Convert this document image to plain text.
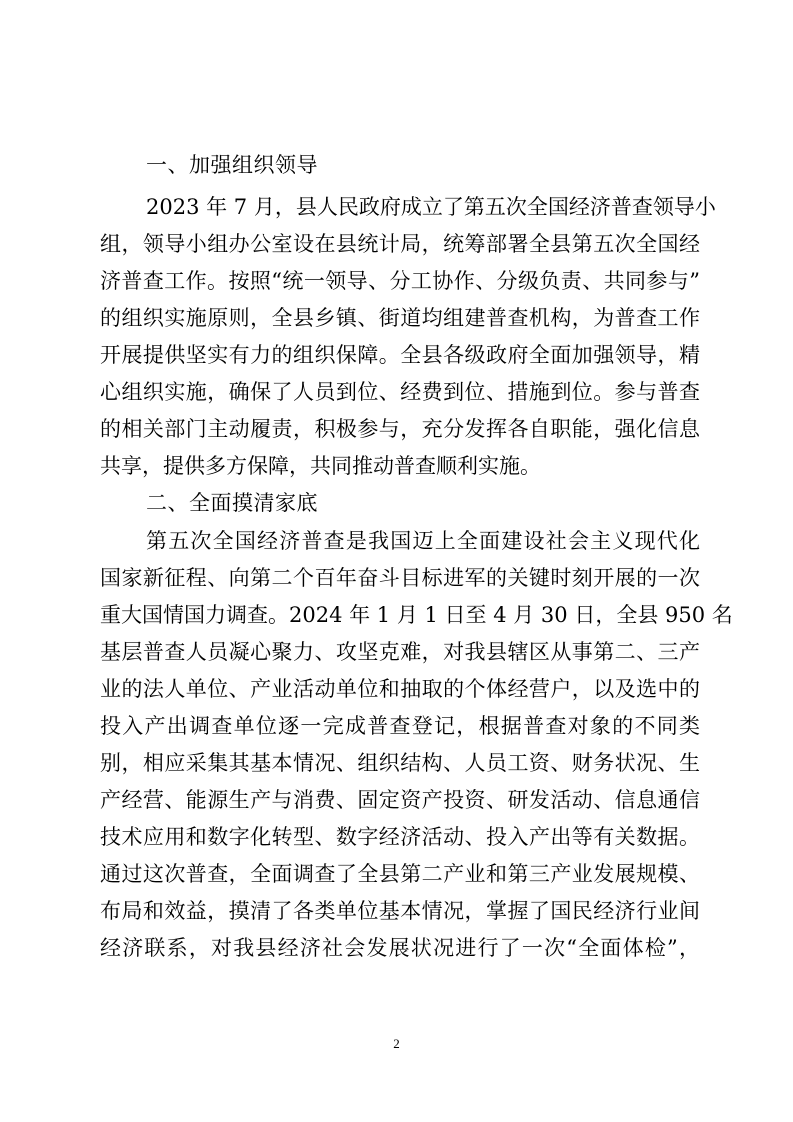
一、加强组织领导
2023 年 7 月，县人民政府成立了第五次全国经济普查领导小
组，领导小组办公室设在县统计局，统筹部署全县第五次全国经
济普查工作。按照“统一领导、分工协作、分级负责、共同参与”
的组织实施原则，全县乡镇、街道均组建普查机构，为普查工作
开展提供坚实有力的组织保障。全县各级政府全面加强领导，精
心组织实施，确保了人员到位、经费到位、措施到位。参与普查
的相关部门主动履责，积极参与，充分发挥各自职能，强化信息
共享，提供多方保障，共同推动普查顺利实施。
二、全面摸清家底
第五次全国经济普查是我国迈上全面建设社会主义现代化
国家新征程、向第二个百年奋斗目标进军的关键时刻开展的一次
重大国情国力调查。2024 年 1 月 1 日至 4 月 30 日，全县 950 名
基层普查人员凝心聚力、攻坚克难，对我县辖区从事第二、三产
业的法人单位、产业活动单位和抽取的个体经营户，以及选中的
投入产出调查单位逐一完成普查登记，根据普查对象的不同类
别，相应采集其基本情况、组织结构、人员工资、财务状况、生
产经营、能源生产与消费、固定资产投资、研发活动、信息通信
技术应用和数字化转型、数字经济活动、投入产出等有关数据。
通过这次普查，全面调查了全县第二产业和第三产业发展规模、
布局和效益，摸清了各类单位基本情况，掌握了国民经济行业间
经济联系，对我县经济社会发展状况进行了一次“全面体检”，
2
